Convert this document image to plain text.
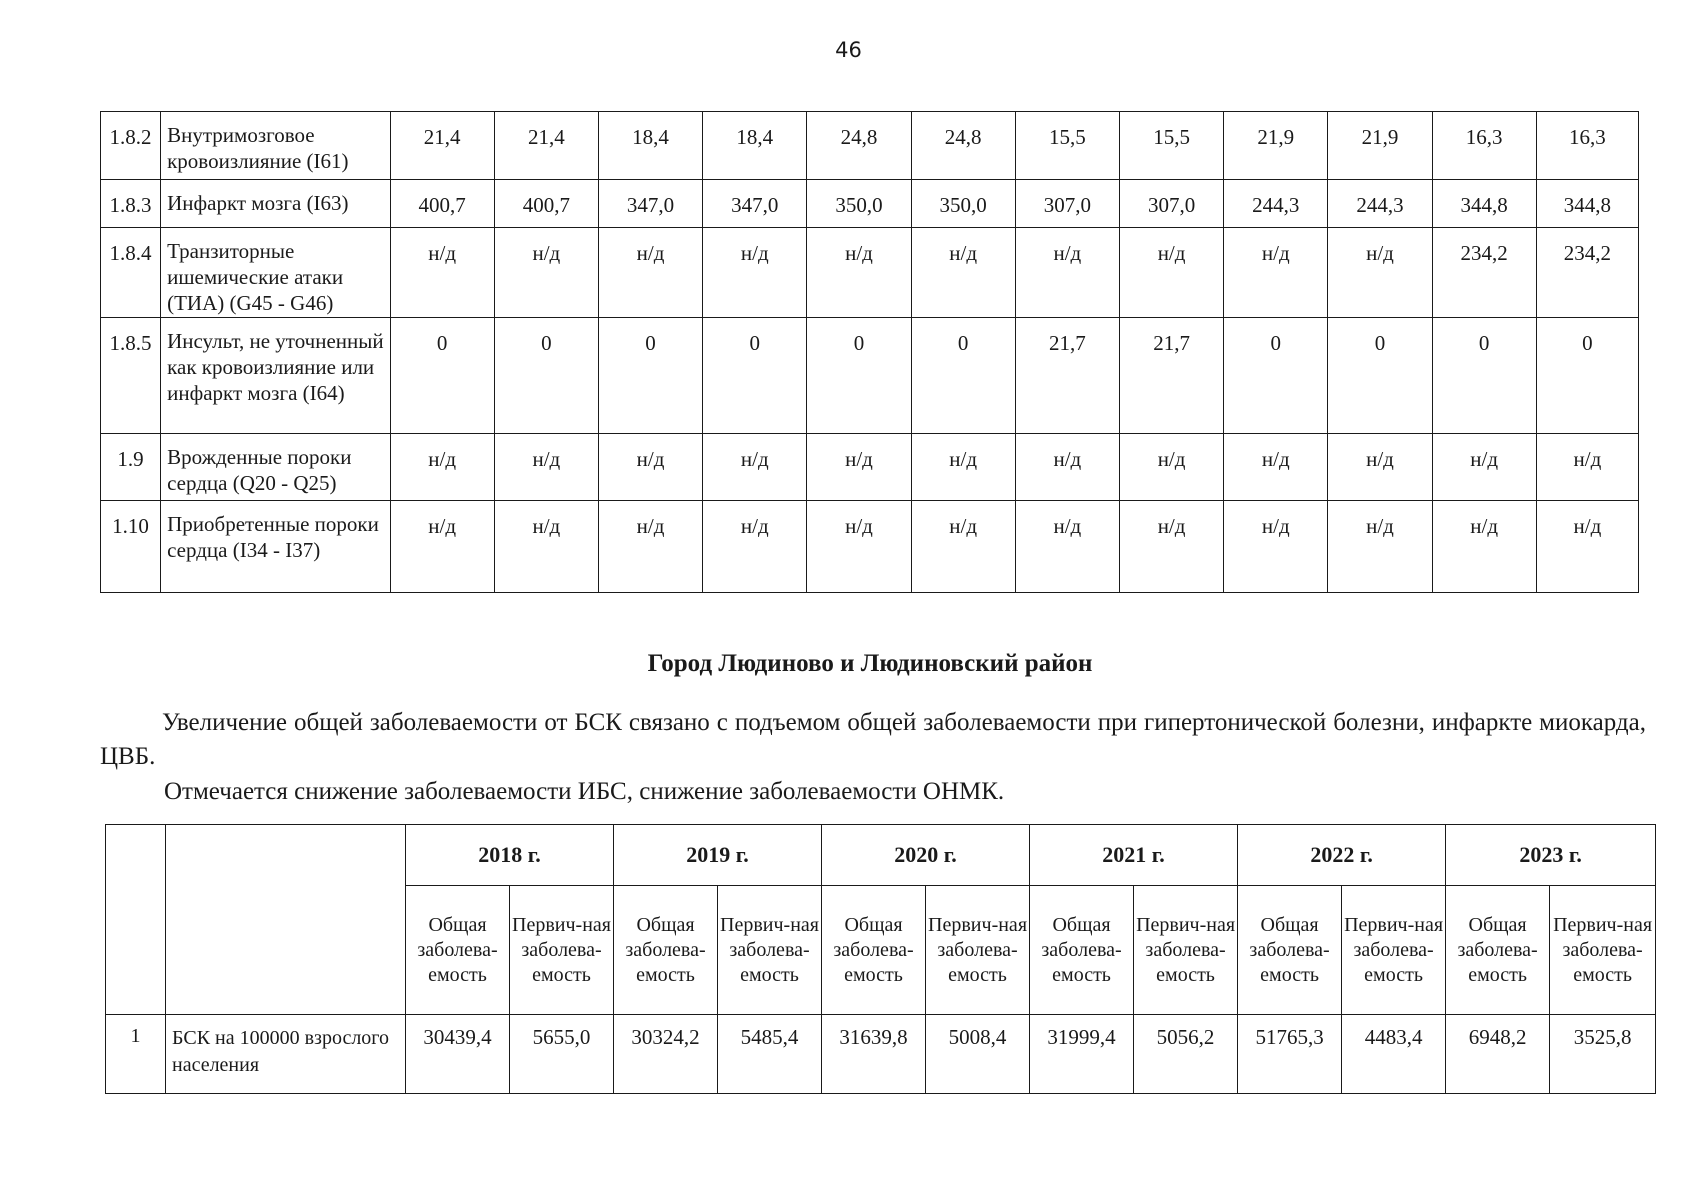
46
1.8.2	Внутримозговое кровоизлияние (I61)	21,4	21,4	18,4	18,4	24,8	24,8	15,5	15,5	21,9	21,9	16,3	16,3
1.8.3	Инфаркт мозга (I63)	400,7	400,7	347,0	347,0	350,0	350,0	307,0	307,0	244,3	244,3	344,8	344,8
1.8.4	Транзиторные ишемические атаки (ТИА) (G45 - G46)	н/д	н/д	н/д	н/д	н/д	н/д	н/д	н/д	н/д	н/д	234,2	234,2
1.8.5	Инсульт, не уточненный как кровоизлияние или инфаркт мозга (I64)	0	0	0	0	0	0	21,7	21,7	0	0	0	0
1.9	Врожденные пороки сердца (Q20 - Q25)	н/д	н/д	н/д	н/д	н/д	н/д	н/д	н/д	н/д	н/д	н/д	н/д
1.10	Приобретенные пороки сердца (I34 - I37)	н/д	н/д	н/д	н/д	н/д	н/д	н/д	н/д	н/д	н/д	н/д	н/д
Город Людиново и Людиновский район
Увеличение общей заболеваемости от БСК связано с подъемом общей заболеваемости при гипертонической болезни, инфаркте миокарда, ЦВБ.
Отмечается снижение заболеваемости ИБС, снижение заболеваемости ОНМК.
		2018 г.		2019 г.		2020 г.		2021 г.		2022 г.		2023 г.	
		Общая заболева-емость	Первич-ная заболева-емость	Общая заболева-емость	Первич-ная заболева-емость	Общая заболева-емость	Первич-ная заболева-емость	Общая заболева-емость	Первич-ная заболева-емость	Общая заболева-емость	Первич-ная заболева-емость	Общая заболева-емость	Первич-ная заболева-емость
1	БСК на 100000 взрослого населения	30439,4	5655,0	30324,2	5485,4	31639,8	5008,4	31999,4	5056,2	51765,3	4483,4	6948,2	3525,8
